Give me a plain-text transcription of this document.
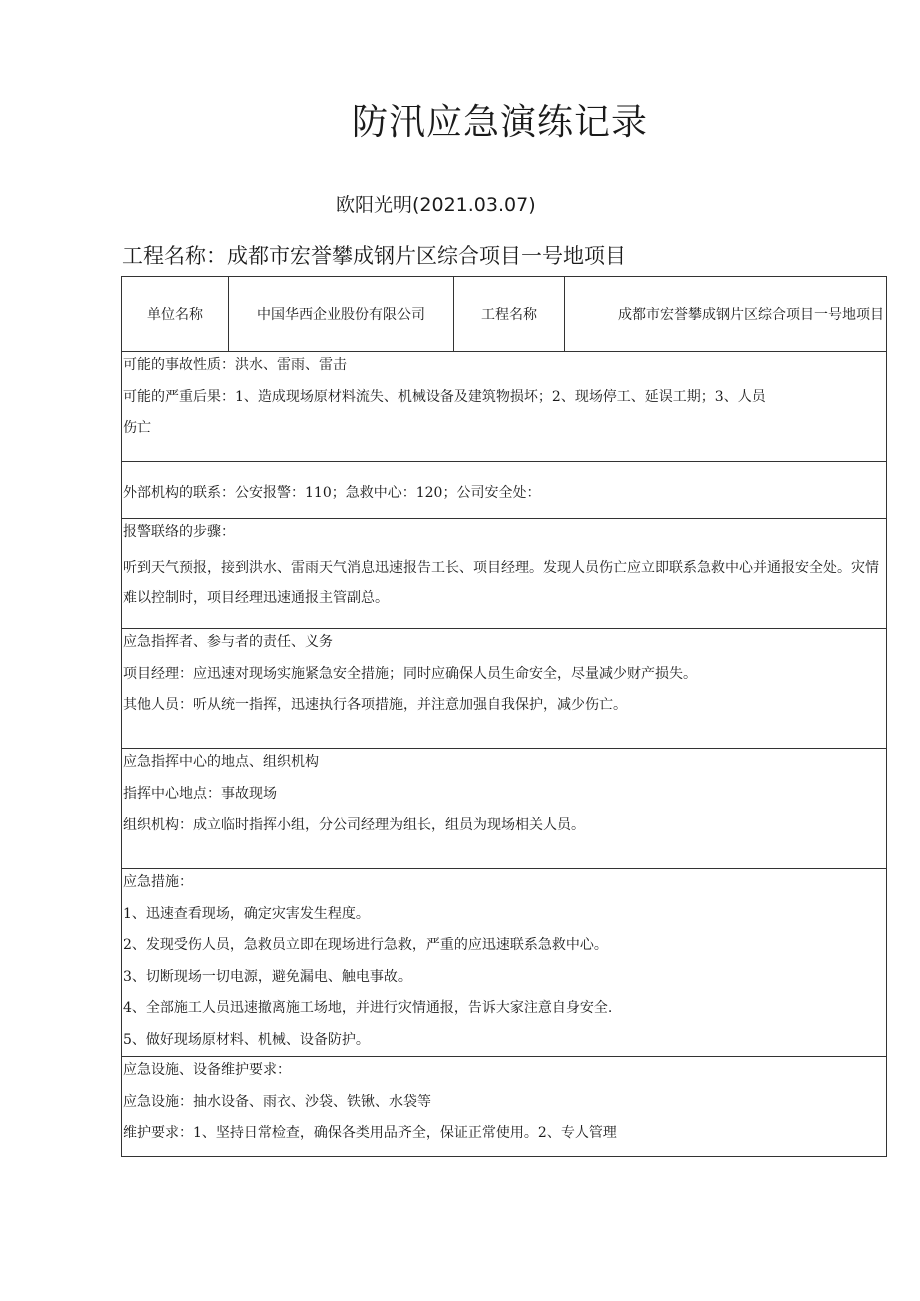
防汛应急演练记录
欧阳光明(2021.03.07)
工程名称：成都市宏誉攀成钢片区综合项目一号地项目
单位名称	中国华西企业股份有限公司	工程名称	成都市宏誉攀成钢片区综合项目一号地项目
可能的事故性质：洪水、雷雨、雷击
可能的严重后果：1、造成现场原材料流失、机械设备及建筑物损坏；2、现场停工、延误工期；3、人员
伤亡
外部机构的联系：公安报警：110；急救中心：120；公司安全处：
报警联络的步骤：
听到天气预报，接到洪水、雷雨天气消息迅速报告工长、项目经理。发现人员伤亡应立即联系急救中心并通报安全处。灾情难以控制时，项目经理迅速通报主管副总。
应急指挥者、参与者的责任、义务
项目经理：应迅速对现场实施紧急安全措施；同时应确保人员生命安全，尽量减少财产损失。
其他人员：听从统一指挥，迅速执行各项措施，并注意加强自我保护，减少伤亡。
应急指挥中心的地点、组织机构
指挥中心地点：事故现场
组织机构：成立临时指挥小组，分公司经理为组长，组员为现场相关人员。
应急措施：
1、迅速查看现场，确定灾害发生程度。
2、发现受伤人员，急救员立即在现场进行急救，严重的应迅速联系急救中心。
3、切断现场一切电源，避免漏电、触电事故。
4、全部施工人员迅速撤离施工场地，并进行灾情通报，告诉大家注意自身安全.
5、做好现场原材料、机械、设备防护。
应急设施、设备维护要求：
应急设施：抽水设备、雨衣、沙袋、铁锹、水袋等
维护要求：1、坚持日常检查，确保各类用品齐全，保证正常使用。2、专人管理
